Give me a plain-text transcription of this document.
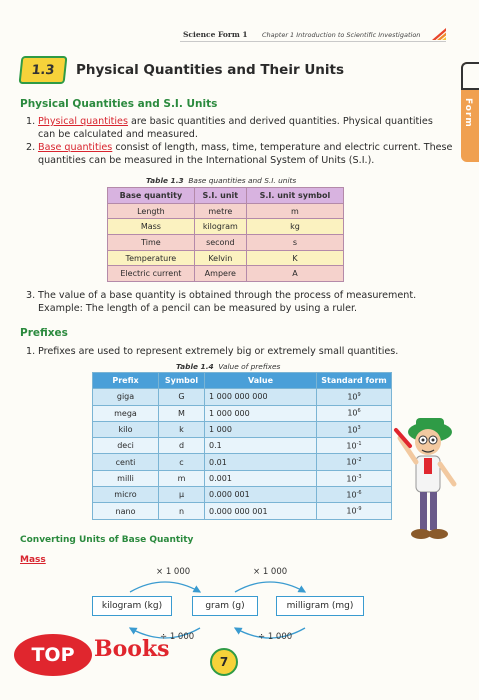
Science Form 1 Chapter 1 Introduction to Scientific Investigation
Form
1.3 Physical Quantities and Their Units
Physical Quantities and S.I. Units
1. Physical quantities are basic quantities and derived quantities. Physical quantities can be calculated and measured.
2. Base quantities consist of length, mass, time, temperature and electric current. These quantities can be measured in the International System of Units (S.I.).
Table 1.3 Base quantities and S.I. units
Base quantity	S.I. unit	S.I. unit symbol
Length	metre	m
Mass	kilogram	kg
Time	second	s
Temperature	Kelvin	K
Electric current	Ampere	A
3. The value of a base quantity is obtained through the process of measurement.
Example: The length of a pencil can be measured by using a ruler.
Prefixes
1. Prefixes are used to represent extremely big or extremely small quantities.
Table 1.4 Value of prefixes
Prefix	Symbol	Value	Standard form
giga	G	1 000 000 000	$10^9$
mega	M	1 000 000	$10^6$
kilo	k	1 000	$10^3$
deci	d	0.1	$10^{-1}$
centi	c	0.01	$10^{-2}$
milli	m	0.001	$10^{-3}$
micro	μ	0.000 001	$10^{-6}$
nano	n	0.000 000 001	$10^{-9}$
Converting Units of Base Quantity
Mass
× 1 000	× 1 000
kilogram (kg)	gram (g)	milligram (mg)
÷ 1 000	÷ 1 000
TOP Books	7
